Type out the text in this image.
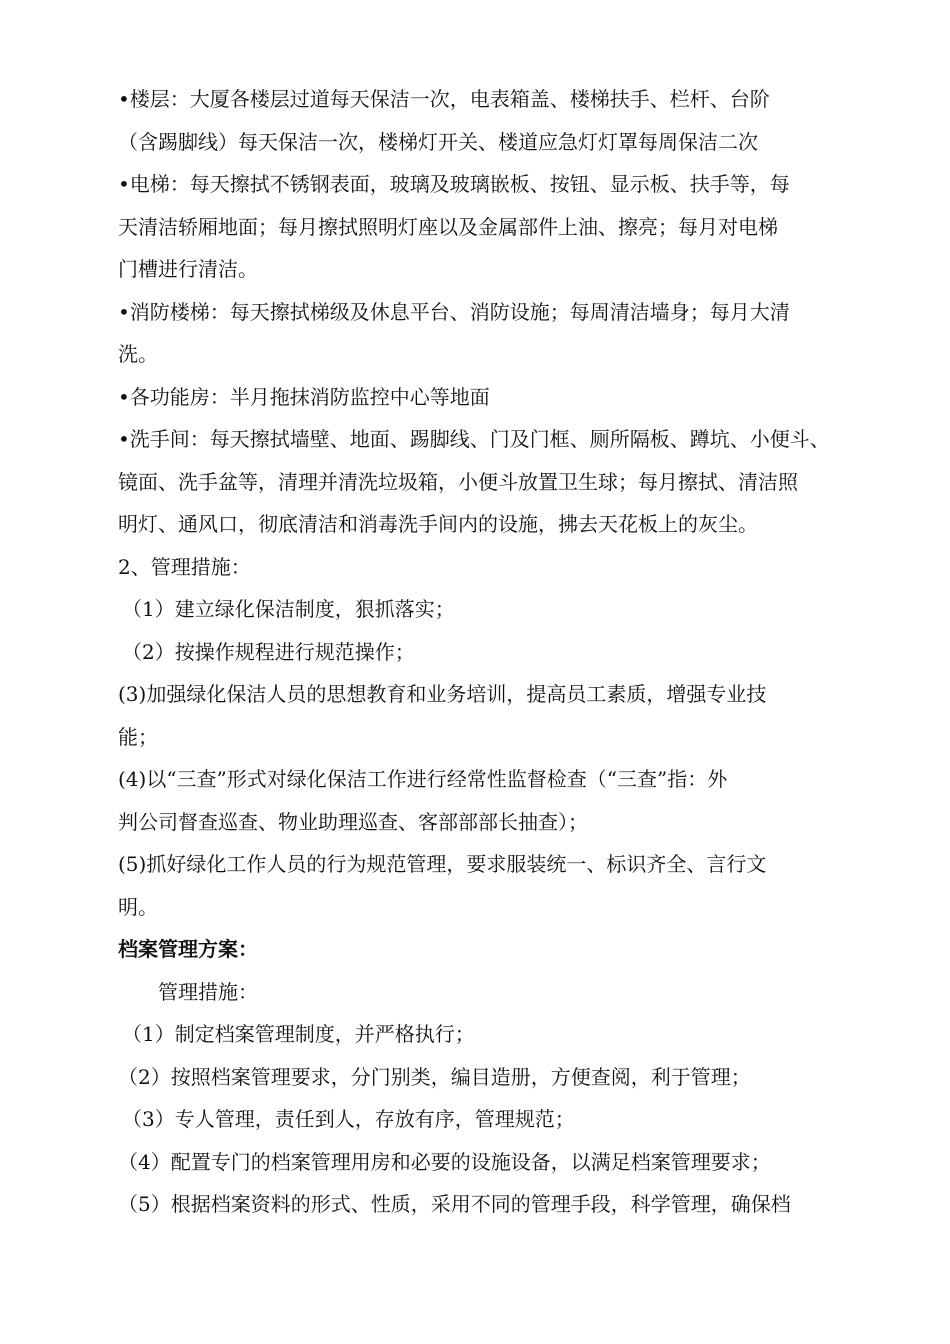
•楼层：大厦各楼层过道每天保洁一次，电表箱盖、楼梯扶手、栏杆、台阶
（含踢脚线）每天保洁一次，楼梯灯开关、楼道应急灯灯罩每周保洁二次
•电梯：每天擦拭不锈钢表面，玻璃及玻璃嵌板、按钮、显示板、扶手等，每
天清洁轿厢地面；每月擦拭照明灯座以及金属部件上油、擦亮；每月对电梯
门槽进行清洁。
•消防楼梯：每天擦拭梯级及休息平台、消防设施；每周清洁墙身；每月大清
洗。
•各功能房：半月拖抹消防监控中心等地面
•洗手间：每天擦拭墙壁、地面、踢脚线、门及门框、厕所隔板、蹲坑、小便斗、
镜面、洗手盆等，清理并清洗垃圾箱，小便斗放置卫生球；每月擦拭、清洁照
明灯、通风口，彻底清洁和消毒洗手间内的设施，拂去天花板上的灰尘。
2、管理措施：
（1）建立绿化保洁制度，狠抓落实；
（2）按操作规程进行规范操作；
(3)加强绿化保洁人员的思想教育和业务培训，提高员工素质，增强专业技
能；
(4)以“三查”形式对绿化保洁工作进行经常性监督检查（“三查”指：外
判公司督查巡查、物业助理巡查、客部部部长抽查）；
(5)抓好绿化工作人员的行为规范管理，要求服装统一、标识齐全、言行文
明。
档案管理方案：
管理措施：
（1）制定档案管理制度，并严格执行；
（2）按照档案管理要求，分门别类，编目造册，方便查阅，利于管理；
（3）专人管理，责任到人，存放有序，管理规范；
（4）配置专门的档案管理用房和必要的设施设备，以满足档案管理要求；
（5）根据档案资料的形式、性质，采用不同的管理手段，科学管理，确保档
